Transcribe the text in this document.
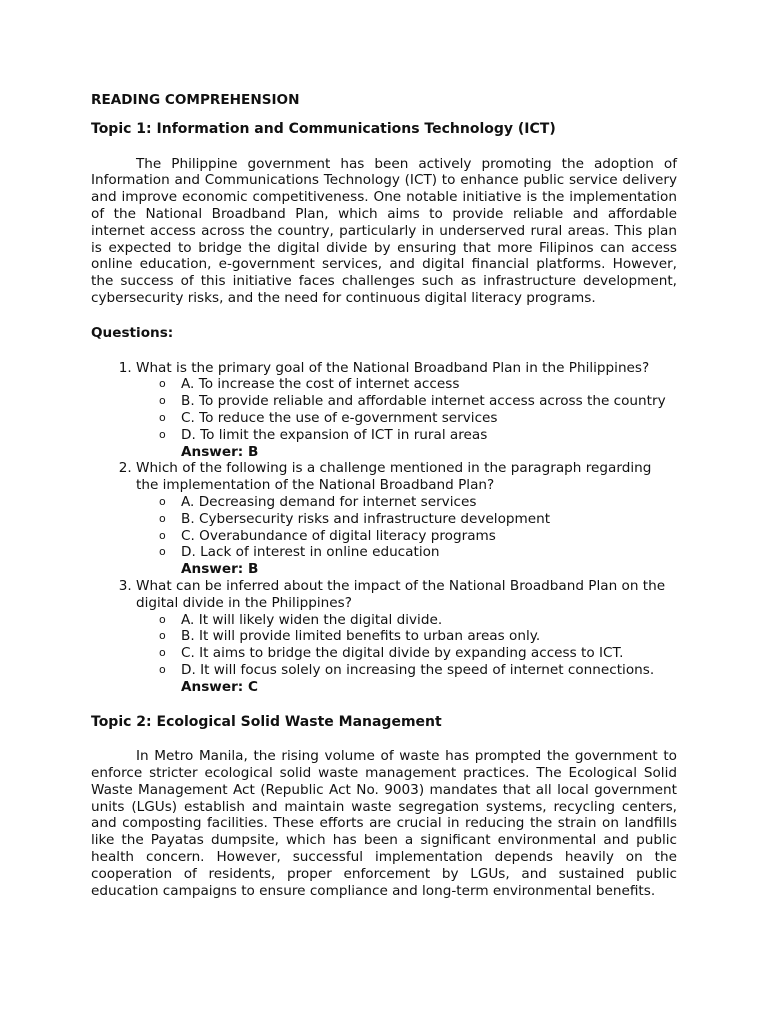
READING COMPREHENSION

Topic 1: Information and Communications Technology (ICT)

The Philippine government has been actively promoting the adoption of Information and Communications Technology (ICT) to enhance public service delivery and improve economic competitiveness. One notable initiative is the implementation of the National Broadband Plan, which aims to provide reliable and affordable internet access across the country, particularly in underserved rural areas. This plan is expected to bridge the digital divide by ensuring that more Filipinos can access online education, e-government services, and digital financial platforms. However, the success of this initiative faces challenges such as infrastructure development, cybersecurity risks, and the need for continuous digital literacy programs.

Questions:

1. What is the primary goal of the National Broadband Plan in the Philippines?
o A. To increase the cost of internet access
o B. To provide reliable and affordable internet access across the country
o C. To reduce the use of e-government services
o D. To limit the expansion of ICT in rural areas

Answer: B

2. Which of the following is a challenge mentioned in the paragraph regarding the implementation of the National Broadband Plan?
o A. Decreasing demand for internet services
o B. Cybersecurity risks and infrastructure development
o C. Overabundance of digital literacy programs
o D. Lack of interest in online education

Answer: B

3. What can be inferred about the impact of the National Broadband Plan on the digital divide in the Philippines?
o A. It will likely widen the digital divide.
o B. It will provide limited benefits to urban areas only.
o C. It aims to bridge the digital divide by expanding access to ICT.
o D. It will focus solely on increasing the speed of internet connections.

Answer: C

Topic 2: Ecological Solid Waste Management

In Metro Manila, the rising volume of waste has prompted the government to enforce stricter ecological solid waste management practices. The Ecological Solid Waste Management Act (Republic Act No. 9003) mandates that all local government units (LGUs) establish and maintain waste segregation systems, recycling centers, and composting facilities. These efforts are crucial in reducing the strain on landfills like the Payatas dumpsite, which has been a significant environmental and public health concern. However, successful implementation depends heavily on the cooperation of residents, proper enforcement by LGUs, and sustained public education campaigns to ensure compliance and long-term environmental benefits.
